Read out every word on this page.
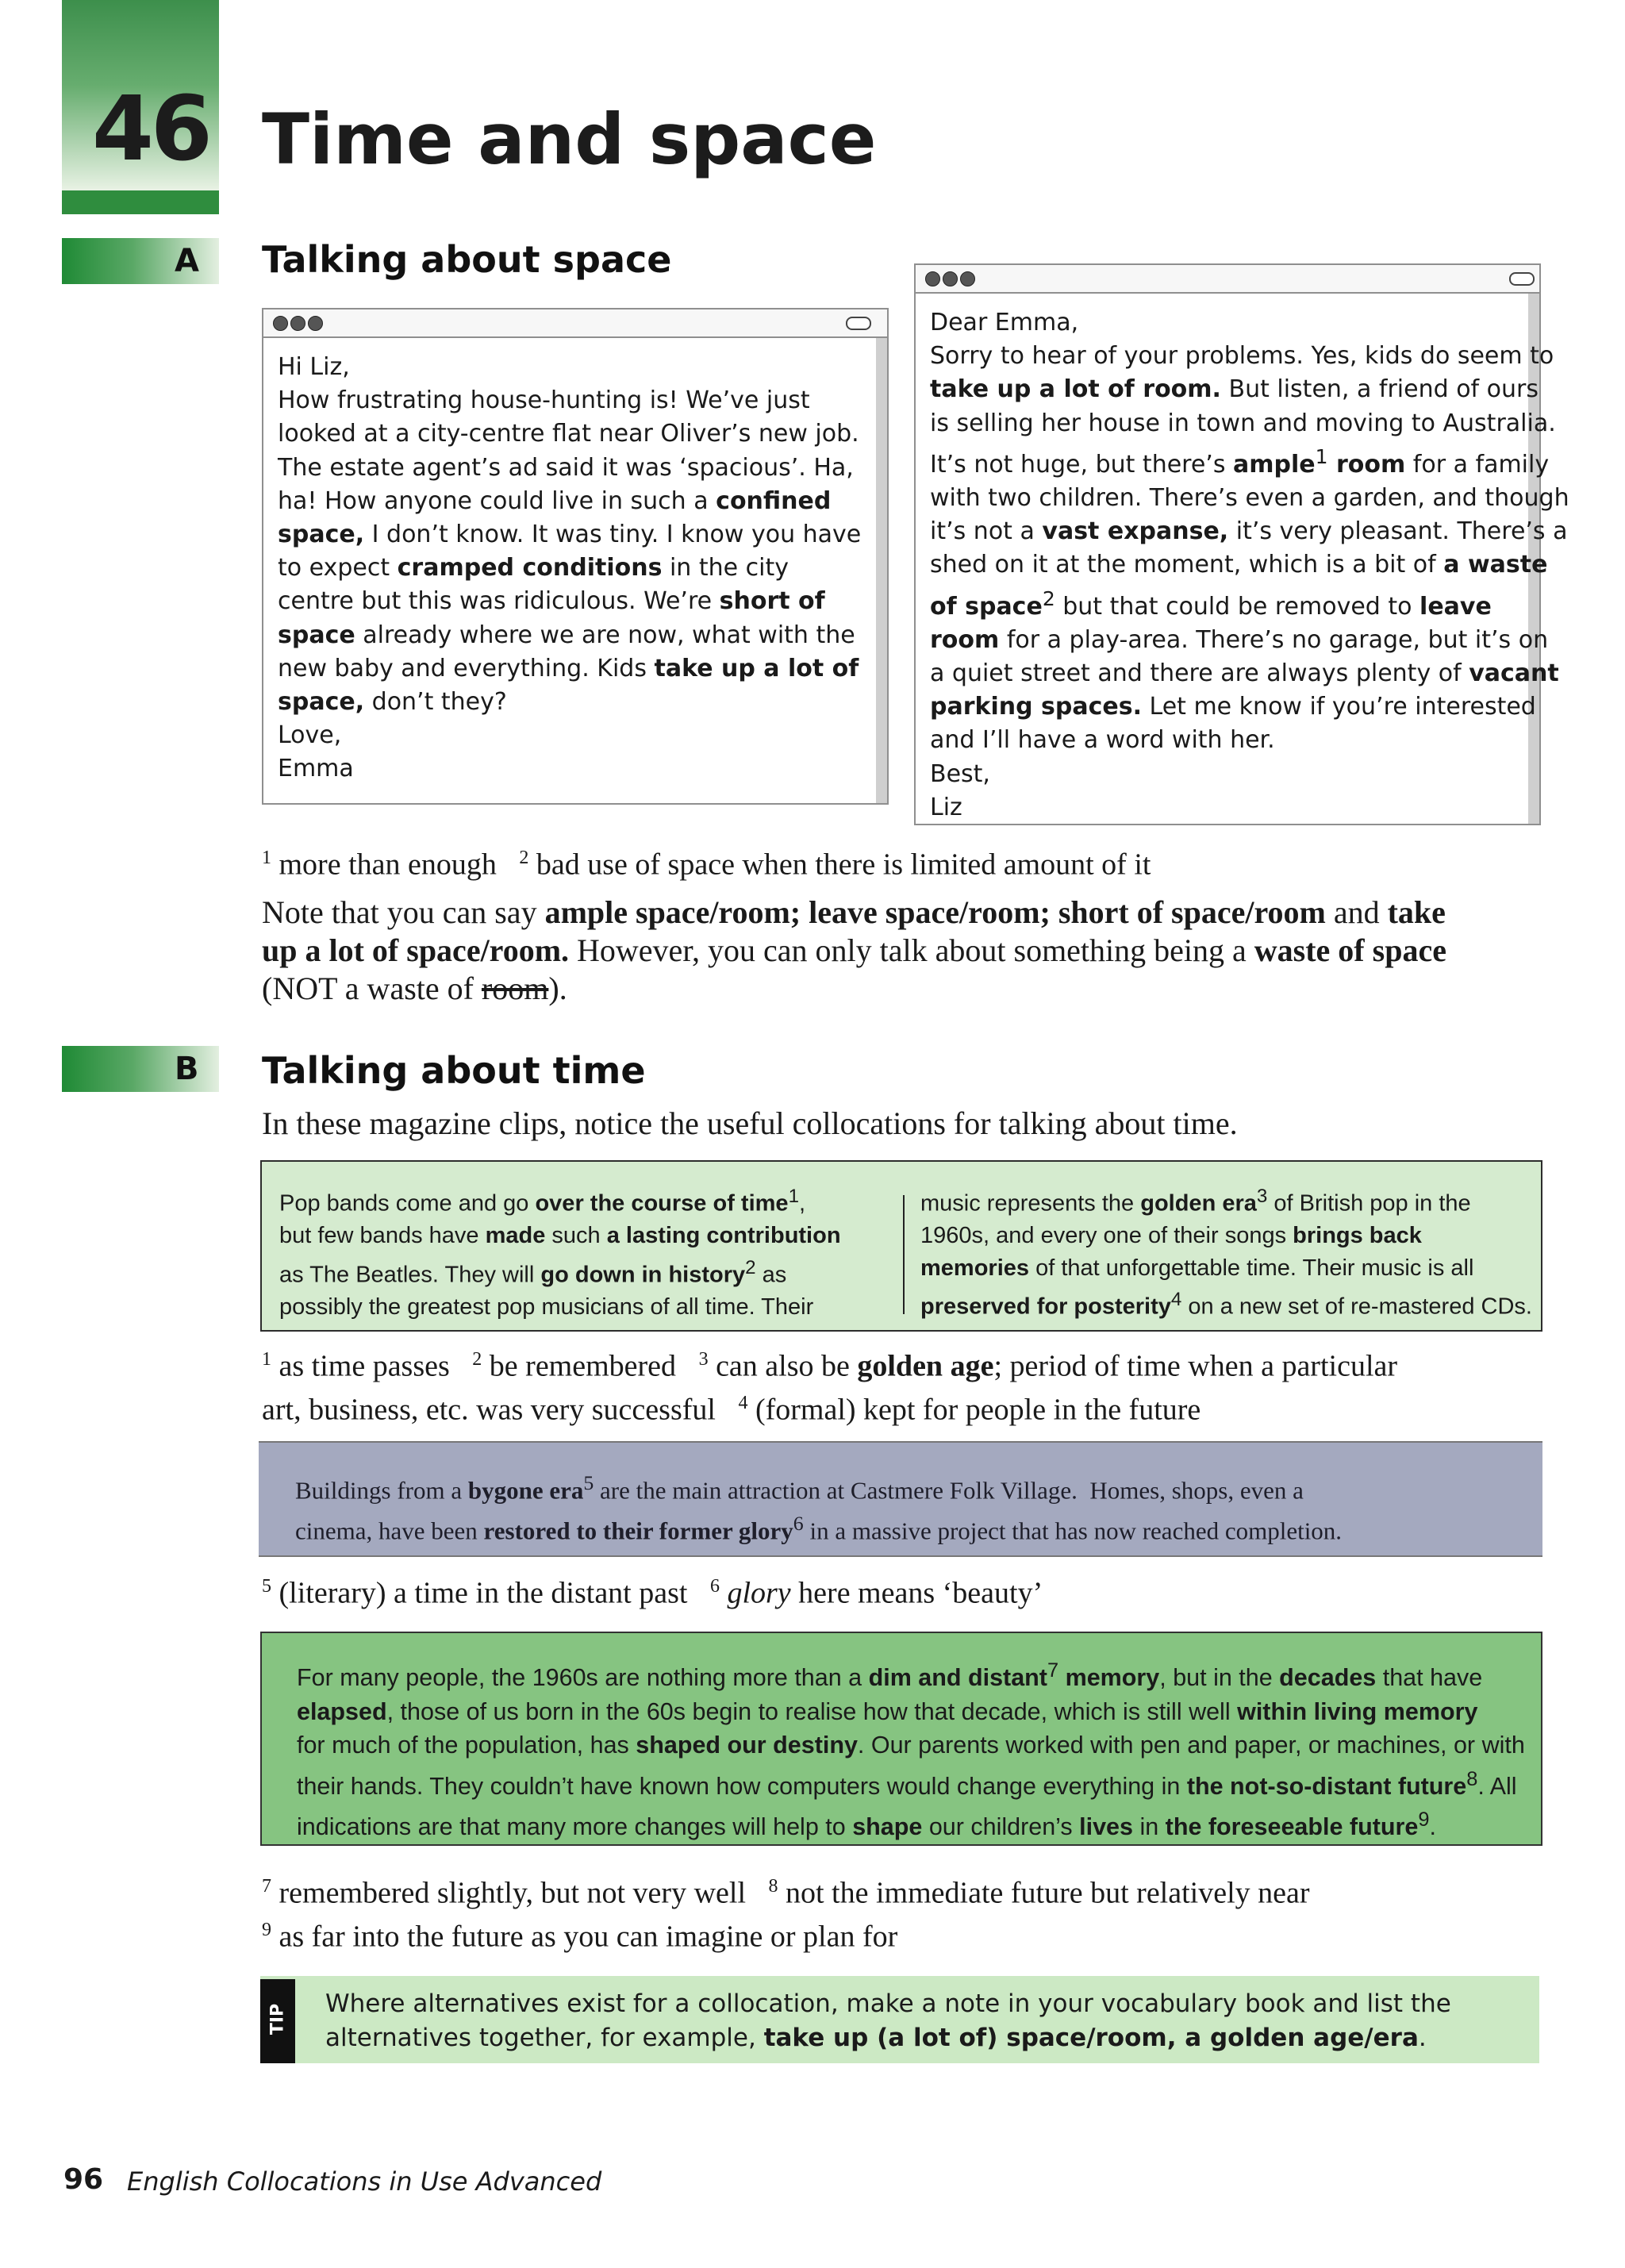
46 Time and space
A Talking about space
Hi Liz,
How frustrating house-hunting is! We’ve just
looked at a city-centre flat near Oliver’s new job.
The estate agent’s ad said it was ‘spacious’. Ha,
ha! How anyone could live in such a confined
space, I don’t know. It was tiny. I know you have
to expect cramped conditions in the city
centre but this was ridiculous. We’re short of
space already where we are now, what with the
new baby and everything. Kids take up a lot of
space, don’t they?
Love,
Emma
Dear Emma,
Sorry to hear of your problems. Yes, kids do seem to
take up a lot of room. But listen, a friend of ours
is selling her house in town and moving to Australia.
It’s not huge, but there’s ample$^1$ room for a family
with two children. There’s even a garden, and though
it’s not a vast expanse, it’s very pleasant. There’s a
shed on it at the moment, which is a bit of a waste
of space$^2$ but that could be removed to leave
room for a play-area. There’s no garage, but it’s on
a quiet street and there are always plenty of vacant
parking spaces. Let me know if you’re interested
and I’ll have a word with her.
Best,
Liz
$^1$ more than enough   $^2$ bad use of space when there is limited amount of it
Note that you can say ample space/room; leave space/room; short of space/room and take
up a lot of space/room. However, you can only talk about something being a waste of space
(NOT a waste of room).
B Talking about time
In these magazine clips, notice the useful collocations for talking about time.
Pop bands come and go over the course of time$^1$,
but few bands have made such a lasting contribution
as The Beatles. They will go down in history$^2$ as
possibly the greatest pop musicians of all time. Their
music represents the golden era$^3$ of British pop in the
1960s, and every one of their songs brings back
memories of that unforgettable time. Their music is all
preserved for posterity$^4$ on a new set of re-mastered CDs.
$^1$ as time passes   $^2$ be remembered   $^3$ can also be golden age; period of time when a particular
art, business, etc. was very successful   $^4$ (formal) kept for people in the future
Buildings from a bygone era$^5$ are the main attraction at Castmere Folk Village.  Homes, shops, even a
cinema, have been restored to their former glory$^6$ in a massive project that has now reached completion.
$^5$ (literary) a time in the distant past   $^6$ glory here means ‘beauty’
For many people, the 1960s are nothing more than a dim and distant$^7$ memory, but in the decades that have
elapsed, those of us born in the 60s begin to realise how that decade, which is still well within living memory
for much of the population, has shaped our destiny. Our parents worked with pen and paper, or machines, or with
their hands. They couldn’t have known how computers would change everything in the not-so-distant future$^8$. All
indications are that many more changes will help to shape our children’s lives in the foreseeable future$^9$.
$^7$ remembered slightly, but not very well   $^8$ not the immediate future but relatively near
$^9$ as far into the future as you can imagine or plan for
TIP Where alternatives exist for a collocation, make a note in your vocabulary book and list the
alternatives together, for example, take up (a lot of) space/room, a golden age/era.
96 English Collocations in Use Advanced
